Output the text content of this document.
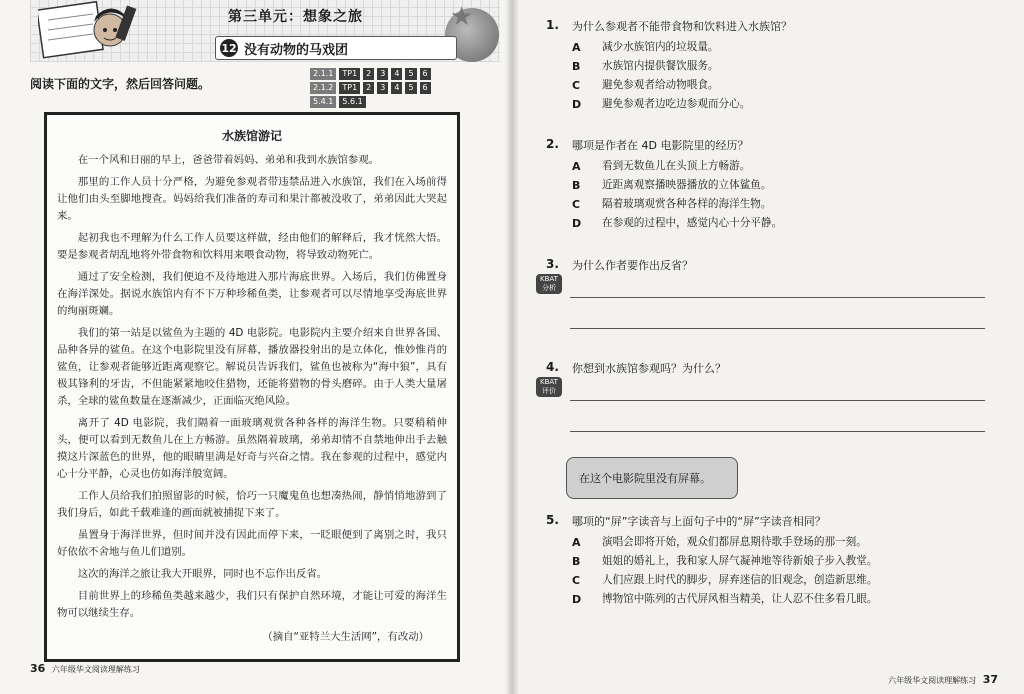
第三单元：想象之旅	★
12 没有动物的马戏团
阅读下面的文字，然后回答问题。
2.1.1	TP1	2	3	4	5	6
2.1.2	TP1	2	3	4	5	6
5.4.1	5.6.1
水族馆游记

在一个风和日丽的早上，爸爸带着妈妈、弟弟和我到水族馆参观。

那里的工作人员十分严格，为避免参观者带违禁品进入水族馆，我们在入场前得让他们由头至脚地搜查。妈妈给我们准备的寿司和果汁都被没收了，弟弟因此大哭起来。

起初我也不理解为什么工作人员要这样做，经由他们的解释后，我才恍然大悟。要是参观者胡乱地将外带食物和饮料用来喂食动物，将导致动物死亡。

通过了安全检测，我们便迫不及待地进入那片海底世界。入场后，我们仿佛置身在海洋深处。据说水族馆内有不下万种珍稀鱼类，让参观者可以尽情地享受海底世界的绚丽斑斓。

我们的第一站是以鲨鱼为主题的 4D 电影院。电影院内主要介绍来自世界各国、品种各异的鲨鱼。在这个电影院里没有屏幕，播放器投射出的是立体化，惟妙惟肖的鲨鱼，让参观者能够近距离观察它。解说员告诉我们，鲨鱼也被称为“海中狼”，具有极其锋利的牙齿，不但能紧紧地咬住猎物，还能将猎物的骨头磨碎。由于人类大量屠杀，全球的鲨鱼数量在逐渐减少，正面临灭绝风险。

离开了 4D 电影院，我们隔着一面玻璃观赏各种各样的海洋生物。只要稍稍伸头，便可以看到无数鱼儿在上方畅游。虽然隔着玻璃，弟弟却情不自禁地伸出手去触摸这片深蓝色的世界，他的眼睛里满是好奇与兴奋之情。我在参观的过程中，感觉内心十分平静，心灵也仿如海洋般宽阔。

工作人员给我们拍照留影的时候，恰巧一只魔鬼鱼也想凑热闹，静悄悄地游到了我们身后，如此千载难逢的画面就被捕捉下来了。

虽置身于海洋世界，但时间并没有因此而停下来，一眨眼便到了离别之时，我只好依依不舍地与鱼儿们道别。

这次的海洋之旅让我大开眼界，同时也不忘作出反省。

目前世界上的珍稀鱼类越来越少，我们只有保护自然环境，才能让可爱的海洋生物可以继续生存。

（摘自“亚特兰大生活网”，有改动）
36 六年级华文阅读理解练习
1.	为什么参观者不能带食物和饮料进入水族馆？
A	减少水族馆内的垃圾量。
B	水族馆内提供餐饮服务。
C	避免参观者给动物喂食。
D	避免参观者边吃边参观而分心。
2.	哪项是作者在 4D 电影院里的经历？
A	看到无数鱼儿在头顶上方畅游。
B	近距离观察播映器播放的立体鲨鱼。
C	隔着玻璃观赏各种各样的海洋生物。
D	在参观的过程中，感觉内心十分平静。
3.	为什么作者要作出反省？
KBAT
分析
4.	你想到水族馆参观吗？为什么？
KBAT
评价
在这个电影院里没有屏幕。
5.	哪项的“屏”字读音与上面句子中的“屏”字读音相同？
A	演唱会即将开始，观众们都屏息期待歌手登场的那一刻。
B	姐姐的婚礼上，我和家人屏气凝神地等待新娘子步入教堂。
C	人们应跟上时代的脚步，屏弃迷信的旧观念，创造新思维。
D	博物馆中陈列的古代屏风相当精美，让人忍不住多看几眼。
六年级华文阅读理解练习 37
